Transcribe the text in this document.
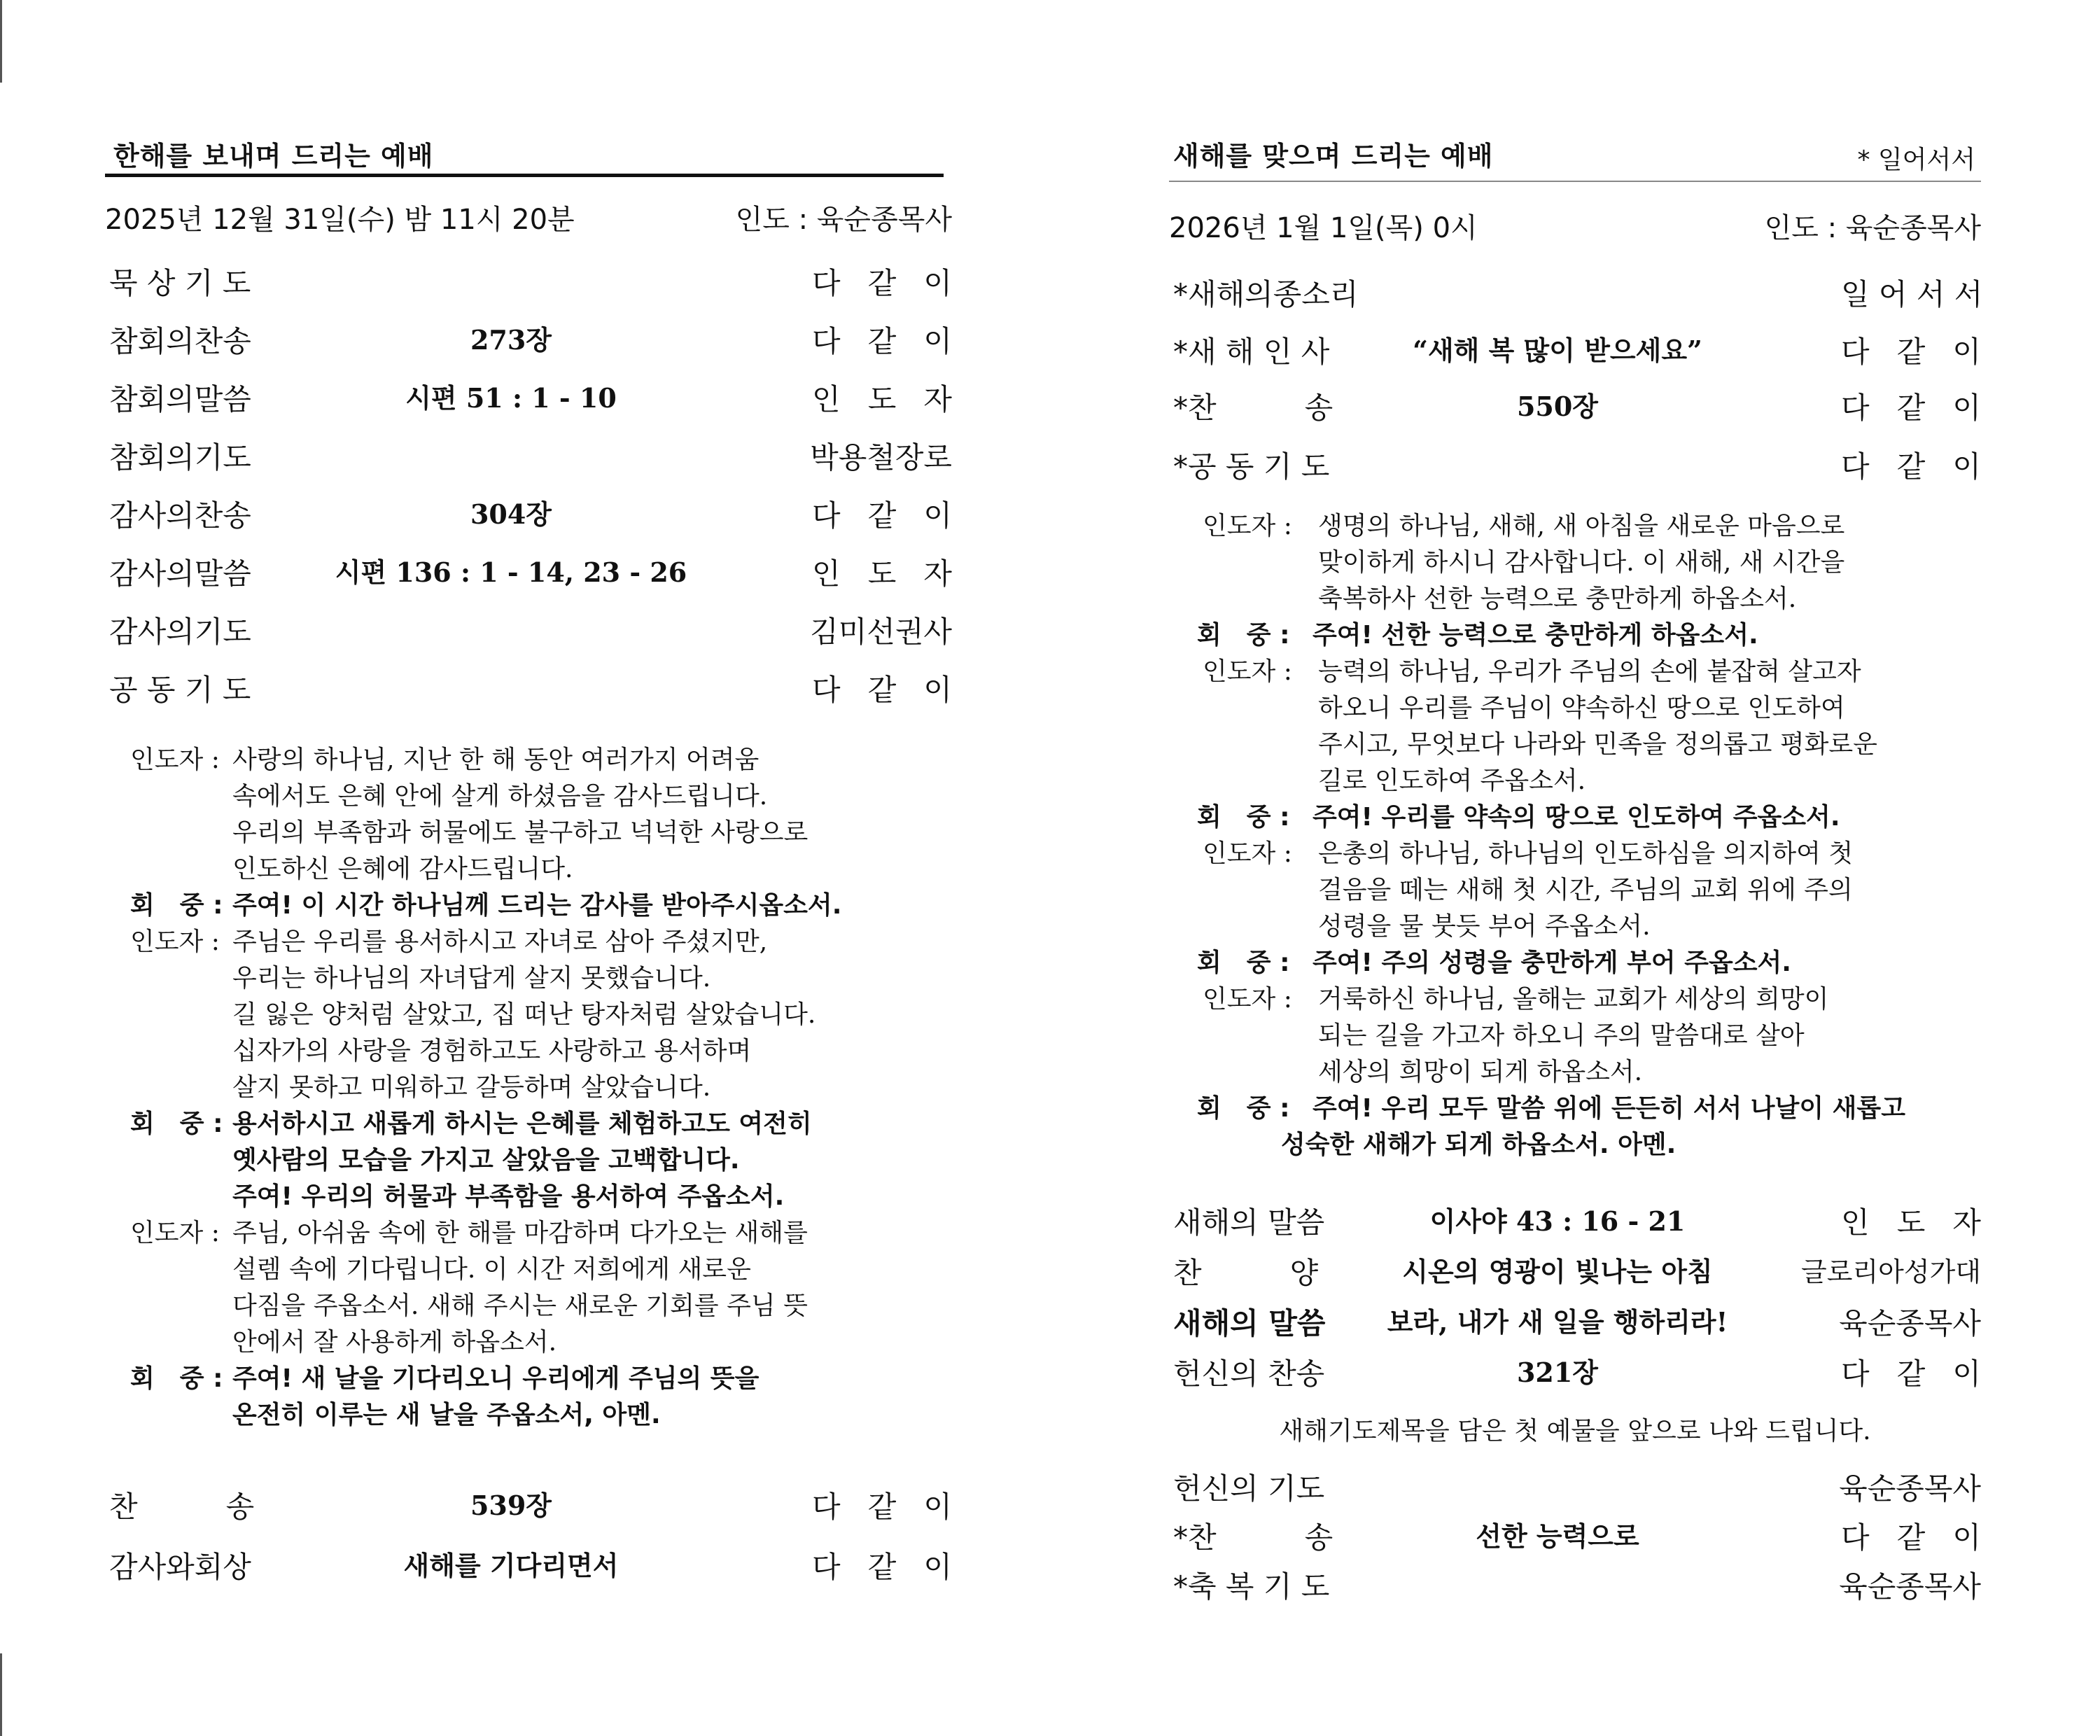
한해를 보내며 드리는 예배
2025년 12월 31일(수) 밤 11시 20분	인도 : 육순종목사
묵 상 기 도	다 같 이
참회의찬송	273장	다 같 이
참회의말씀	시편 51 : 1 - 10	인 도 자
참회의기도	박용철장로
감사의찬송	304장	다 같 이
감사의말씀	시편 136 : 1 - 14, 23 - 26	인 도 자
감사의기도	김미선권사
공 동 기 도	다 같 이
인도자 : 사랑의 하나님, 지난 한 해 동안 여러가지 어려움
속에서도 은혜 안에 살게 하셨음을 감사드립니다.
우리의 부족함과 허물에도 불구하고 넉넉한 사랑으로
인도하신 은혜에 감사드립니다.
회　중 : 주여! 이 시간 하나님께 드리는 감사를 받아주시옵소서.
인도자 : 주님은 우리를 용서하시고 자녀로 삼아 주셨지만,
우리는 하나님의 자녀답게 살지 못했습니다.
길 잃은 양처럼 살았고, 집 떠난 탕자처럼 살았습니다.
십자가의 사랑을 경험하고도 사랑하고 용서하며
살지 못하고 미워하고 갈등하며 살았습니다.
회　중 : 용서하시고 새롭게 하시는 은혜를 체험하고도 여전히
옛사람의 모습을 가지고 살았음을 고백합니다.
주여! 우리의 허물과 부족함을 용서하여 주옵소서.
인도자 : 주님, 아쉬움 속에 한 해를 마감하며 다가오는 새해를
설렘 속에 기다립니다. 이 시간 저희에게 새로운
다짐을 주옵소서. 새해 주시는 새로운 기회를 주님 뜻
안에서 잘 사용하게 하옵소서.
회　중 : 주여! 새 날을 기다리오니 우리에게 주님의 뜻을
온전히 이루는 새 날을 주옵소서, 아멘.
찬　　　송	539장	다 같 이
감사와회상	새해를 기다리면서	다 같 이
새해를 맞으며 드리는 예배	* 일어서서
2026년 1월 1일(목) 0시	인도 : 육순종목사
*새해의종소리	일 어 서 서
*새 해 인 사	“새해 복 많이 받으세요”	다 같 이
*찬　　　송	550장	다 같 이
*공 동 기 도	다 같 이
인도자 :	생명의 하나님, 새해, 새 아침을 새로운 마음으로
맞이하게 하시니 감사합니다. 이 새해, 새 시간을
축복하사 선한 능력으로 충만하게 하옵소서.
회　중 : 주여! 선한 능력으로 충만하게 하옵소서.
인도자 :	능력의 하나님, 우리가 주님의 손에 붙잡혀 살고자
하오니 우리를 주님이 약속하신 땅으로 인도하여
주시고, 무엇보다 나라와 민족을 정의롭고 평화로운
길로 인도하여 주옵소서.
회　중 : 주여! 우리를 약속의 땅으로 인도하여 주옵소서.
인도자 :	은총의 하나님, 하나님의 인도하심을 의지하여 첫
걸음을 떼는 새해 첫 시간, 주님의 교회 위에 주의
성령을 물 붓듯 부어 주옵소서.
회　중 : 주여! 주의 성령을 충만하게 부어 주옵소서.
인도자 :	거룩하신 하나님, 올해는 교회가 세상의 희망이
되는 길을 가고자 하오니 주의 말씀대로 살아
세상의 희망이 되게 하옵소서.
회　중 : 주여! 우리 모두 말씀 위에 든든히 서서 나날이 새롭고
성숙한 새해가 되게 하옵소서. 아멘.
새해의 말씀	이사야 43 : 16 - 21	인 도 자
찬　　　양	시온의 영광이 빛나는 아침	글로리아성가대
새해의 말씀	보라, 내가 새 일을 행하리라!	육순종목사
헌신의 찬송	321장	다 같 이
새해기도제목을 담은 첫 예물을 앞으로 나와 드립니다.
헌신의 기도	육순종목사
*찬　　　송	선한 능력으로	다 같 이
*축 복 기 도	육순종목사
